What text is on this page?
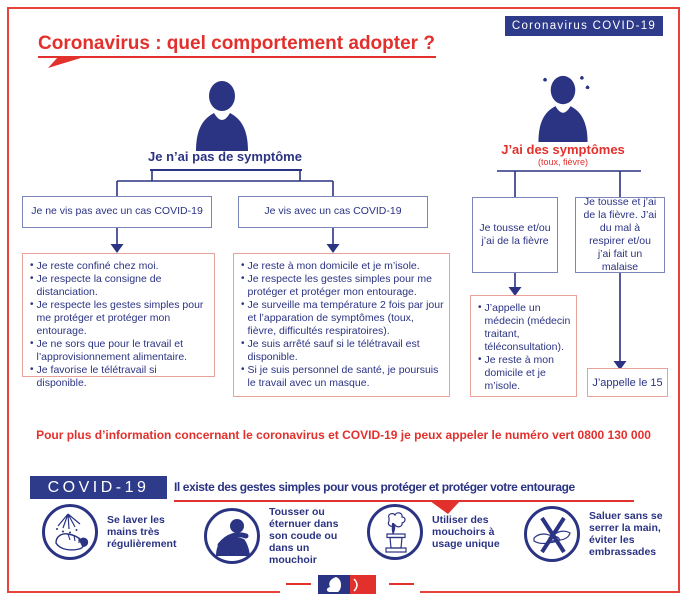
Coronavirus COVID-19
Coronavirus : quel comportement adopter ?
Je n’ai pas de symptôme	J’ai des symptômes
(toux, fièvre)
Je ne vis pas avec un cas COVID-19	Je vis avec un cas COVID-19
• Je reste confiné chez moi.
• Je respecte la consigne de distanciation.
• Je respecte les gestes simples pour me protéger et protéger mon entourage.
• Je ne sors que pour le travail et l’approvisionnement alimentaire.
• Je favorise le télétravail si disponible.
• Je reste à mon domicile et je m’isole.
• Je respecte les gestes simples pour me protéger et protéger mon entourage.
• Je surveille ma température 2 fois par jour et l’apparation de symptômes (toux, fièvre, difficultés respiratoires).
• Je suis arrêté sauf si le télétravail est disponible.
• Si je suis personnel de santé, je poursuis le travail avec un masque.
Je tousse et/ou j’ai de la fièvre
Je tousse et j’ai de la fièvre. J’ai du mal à respirer et/ou j’ai fait un malaise
• J’appelle un médecin (médecin traitant, téléconsultation).
• Je reste à mon domicile et je m’isole.	J’appelle le 15
Pour plus d’information concernant le coronavirus et COVID-19 je peux appeler le numéro vert 0800 130 000
COVID-19	Il existe des gestes simples pour vous protéger et protéger votre entourage
Se laver les mains très régulièrement
Tousser ou éternuer dans son coude ou dans un mouchoir
Utiliser des mouchoirs à usage unique
Saluer sans se serrer la main, éviter les embrassades
